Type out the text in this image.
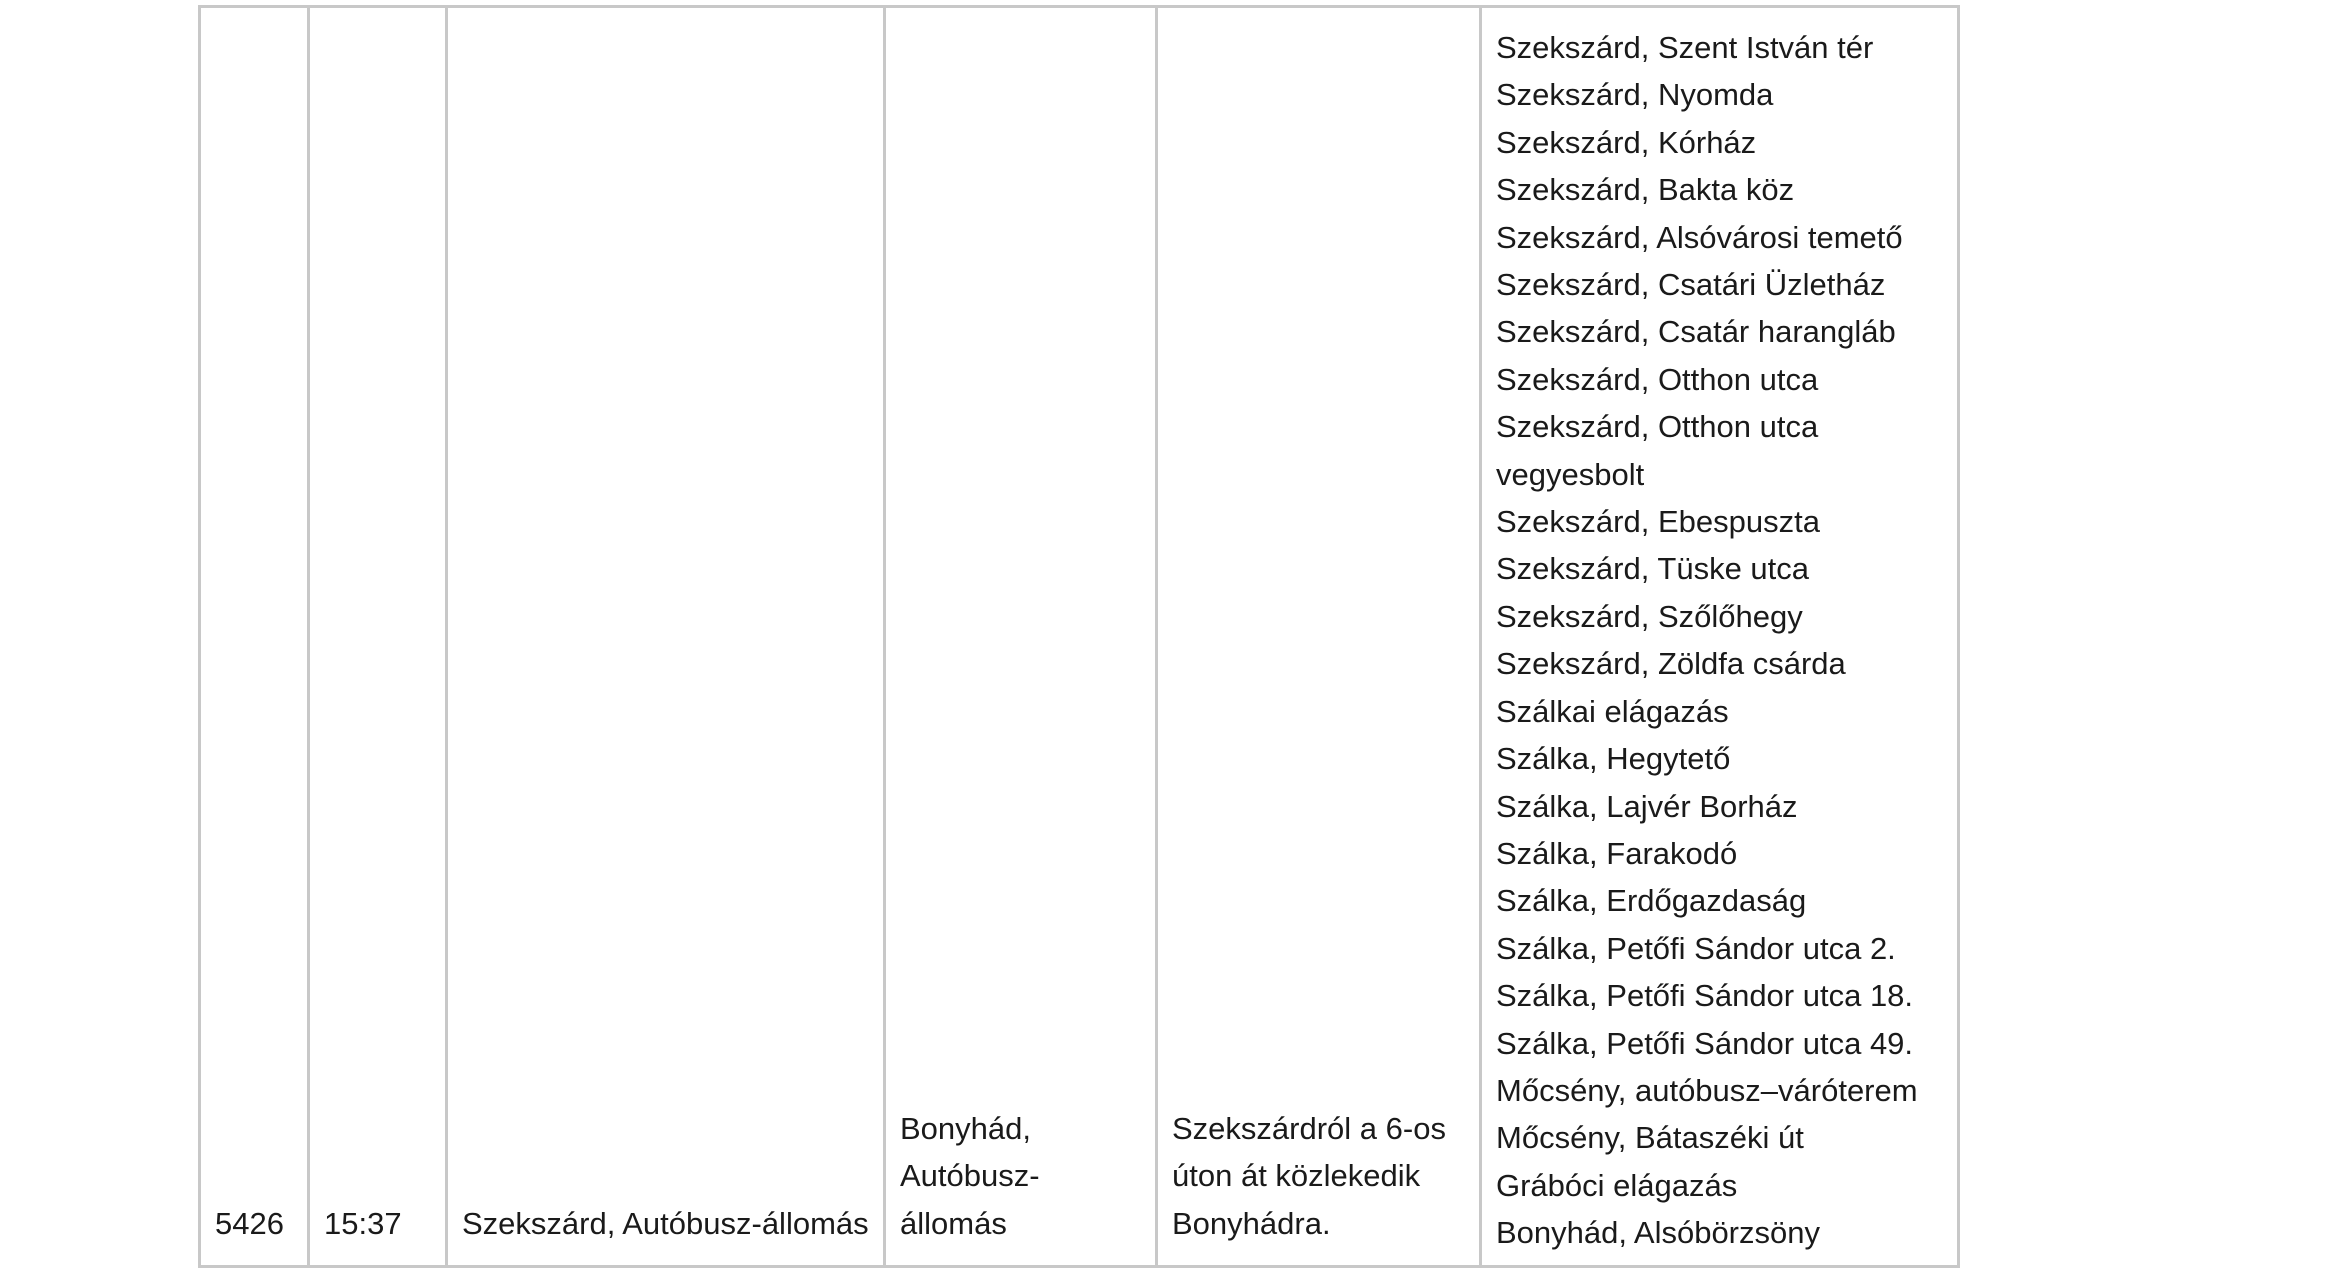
5426 15:37	Szekszárd, Autóbusz-állomás
Bonyhád,
Autóbusz-
állomás
Szekszárdról a 6-os
úton át közlekedik
Bonyhádra.
Szekszárd, Szent István tér
Szekszárd, Nyomda
Szekszárd, Kórház
Szekszárd, Bakta köz
Szekszárd, Alsóvárosi temető
Szekszárd, Csatári Üzletház
Szekszárd, Csatár harangláb
Szekszárd, Otthon utca
Szekszárd, Otthon utca
vegyesbolt
Szekszárd, Ebespuszta
Szekszárd, Tüske utca
Szekszárd, Szőlőhegy
Szekszárd, Zöldfa csárda
Szálkai elágazás
Szálka, Hegytető
Szálka, Lajvér Borház
Szálka, Farakodó
Szálka, Erdőgazdaság
Szálka, Petőfi Sándor utca 2.
Szálka, Petőfi Sándor utca 18.
Szálka, Petőfi Sándor utca 49.
Mőcsény, autóbusz–váróterem
Mőcsény, Bátaszéki út
Grábóci elágazás
Bonyhád, Alsóbörzsöny
